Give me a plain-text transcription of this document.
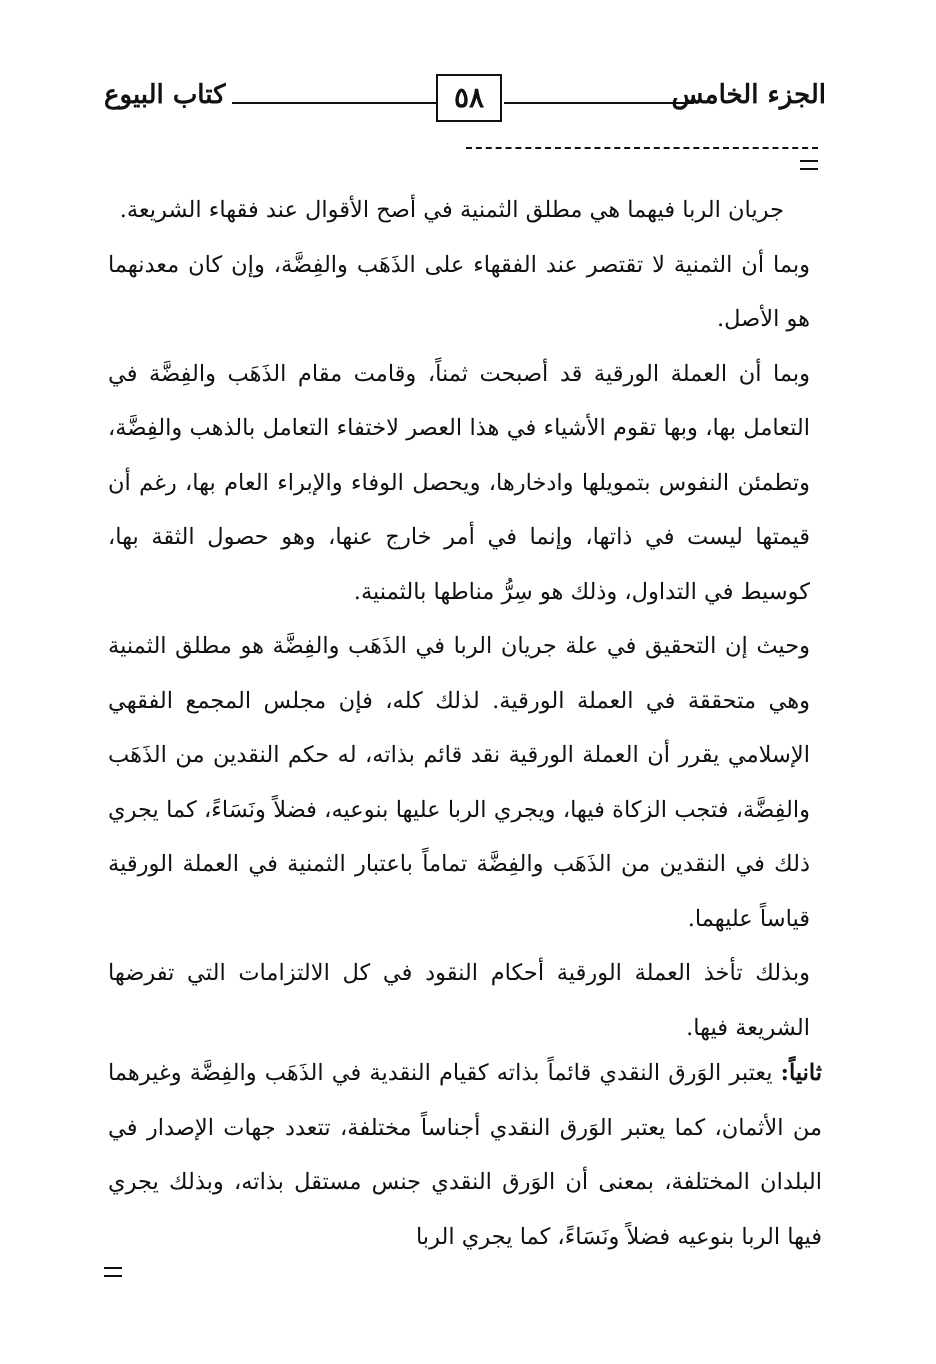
الجزء الخامس
٥٨
كتاب البيوع

جريان الربا فيهما هي مطلق الثمنية في أصح الأقوال عند فقهاء الشريعة.

وبما أن الثمنية لا تقتصر عند الفقهاء على الذَهَب والفِضَّة، وإن كان معدنهما هو الأصل.

وبما أن العملة الورقية قد أصبحت ثمناً، وقامت مقام الذَهَب والفِضَّة في التعامل بها، وبها تقوم الأشياء في هذا العصر لاختفاء التعامل بالذهب والفِضَّة، وتطمئن النفوس بتمويلها وادخارها، ويحصل الوفاء والإبراء العام بها، رغم أن قيمتها ليست في ذاتها، وإنما في أمر خارج عنها، وهو حصول الثقة بها، كوسيط في التداول، وذلك هو سِرُّ مناطها بالثمنية.

وحيث إن التحقيق في علة جريان الربا في الذَهَب والفِضَّة هو مطلق الثمنية وهي متحققة في العملة الورقية. لذلك كله، فإن مجلس المجمع الفقهي الإسلامي يقرر أن العملة الورقية نقد قائم بذاته، له حكم النقدين من الذَهَب والفِضَّة، فتجب الزكاة فيها، ويجري الربا عليها بنوعيه، فضلاً ونَسَاءً، كما يجري ذلك في النقدين من الذَهَب والفِضَّة تماماً باعتبار الثمنية في العملة الورقية قياساً عليهما.

وبذلك تأخذ العملة الورقية أحكام النقود في كل الالتزامات التي تفرضها الشريعة فيها.

ثانياً: يعتبر الوَرق النقدي قائماً بذاته كقيام النقدية في الذَهَب والفِضَّة وغيرهما من الأثمان، كما يعتبر الوَرق النقدي أجناساً مختلفة، تتعدد جهات الإصدار في البلدان المختلفة، بمعنى أن الوَرق النقدي جنس مستقل بذاته، وبذلك يجري فيها الربا بنوعيه فضلاً ونَسَاءً، كما يجري الربا
